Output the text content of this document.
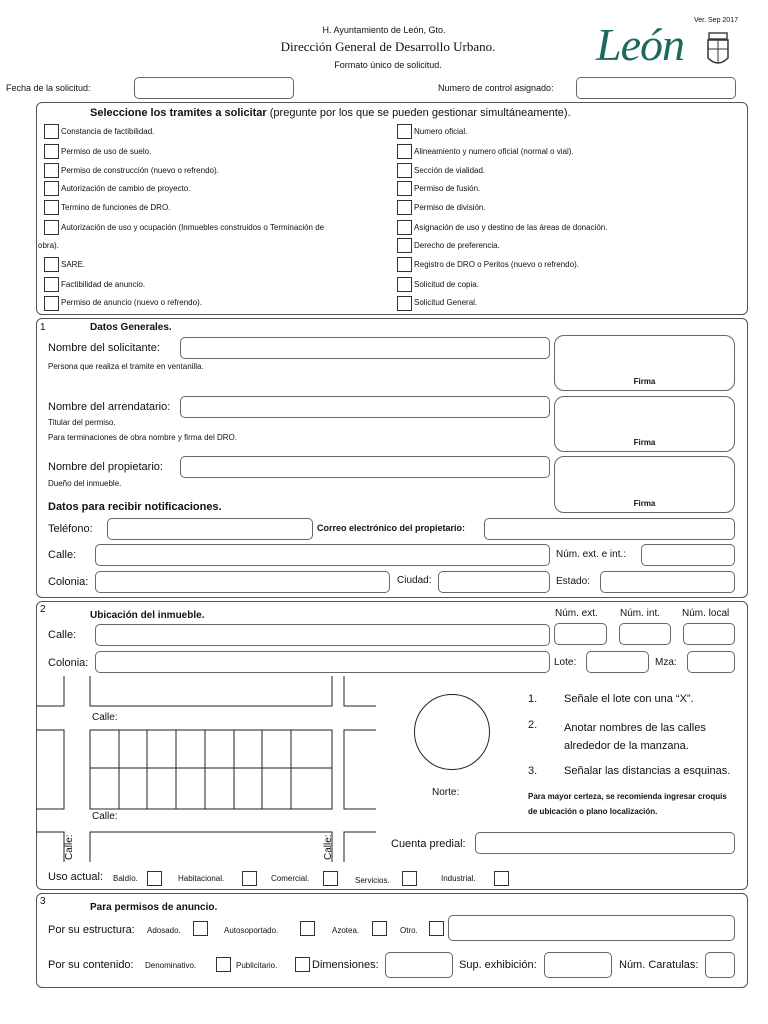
H. Ayuntamiento de León, Gto.
Dirección General de Desarrollo Urbano.
Formato único de solicitud.
Ver. Sep 2017
León
Fecha de la solicitud:	Numero de control asignado:
Seleccione los tramites a solicitar (pregunte por los que se pueden gestionar simultáneamente).
Constancia de factibilidad.
Permiso de uso de suelo.
Permiso de construcción (nuevo o refrendo).
Autorización de cambio de proyecto.
Termino de funciones de DRO.
Autorización de uso y ocupación (Inmuebles construidos o Terminación de
obra).
SARE.
Factibilidad de anuncio.
Permiso de anuncio (nuevo o refrendo).
Numero oficial.
Alineamiento y numero oficial (normal o vial).
Sección de vialidad.
Permiso de fusión.
Permiso de división.
Asignación de uso y destino de las áreas de donación.
Derecho de preferencia.
Registro de DRO o Peritos (nuevo o refrendo).
Solicitud de copia.
Solicitud General.
1	Datos Generales.
Nombre del solicitante:
Persona que realiza el tramite en ventanilla.
Firma
Nombre del arrendatario:
Titular del permiso.
Para terminaciones de obra nombre y firma del DRO.
Firma
Nombre del propietario:
Dueño del inmueble.
Firma
Datos para recibir notificaciones.
Teléfono:	Correo electrónico del propietario:
Calle:	Núm. ext. e int.:
Colonia:	Ciudad:	Estado:
2
Ubicación del inmueble.	Núm. ext. Núm. int. Núm. local
Calle:
Colonia:	Lote:	Mza:
Calle:
Calle:
Calle:	Calle:
Norte:
1. Señale el lote con una “X”.
2. Anotar nombres de las calles alrededor de la manzana.
3. Señalar las distancias a esquinas.
Para mayor certeza, se recomienda ingresar croquis de ubicación o plano localización.
Cuenta predial:
Uso actual: Baldío.	Habitacional.	Comercial.	Servicios.	Industrial.
3
Para permisos de anuncio.
Por su estructura: Adosado.	Autosoportado.	Azotea.	Otro.
Por su contenido: Denominativo.	Publicitario.	Dimensiones:	Sup. exhibición:	Núm. Caratulas:
